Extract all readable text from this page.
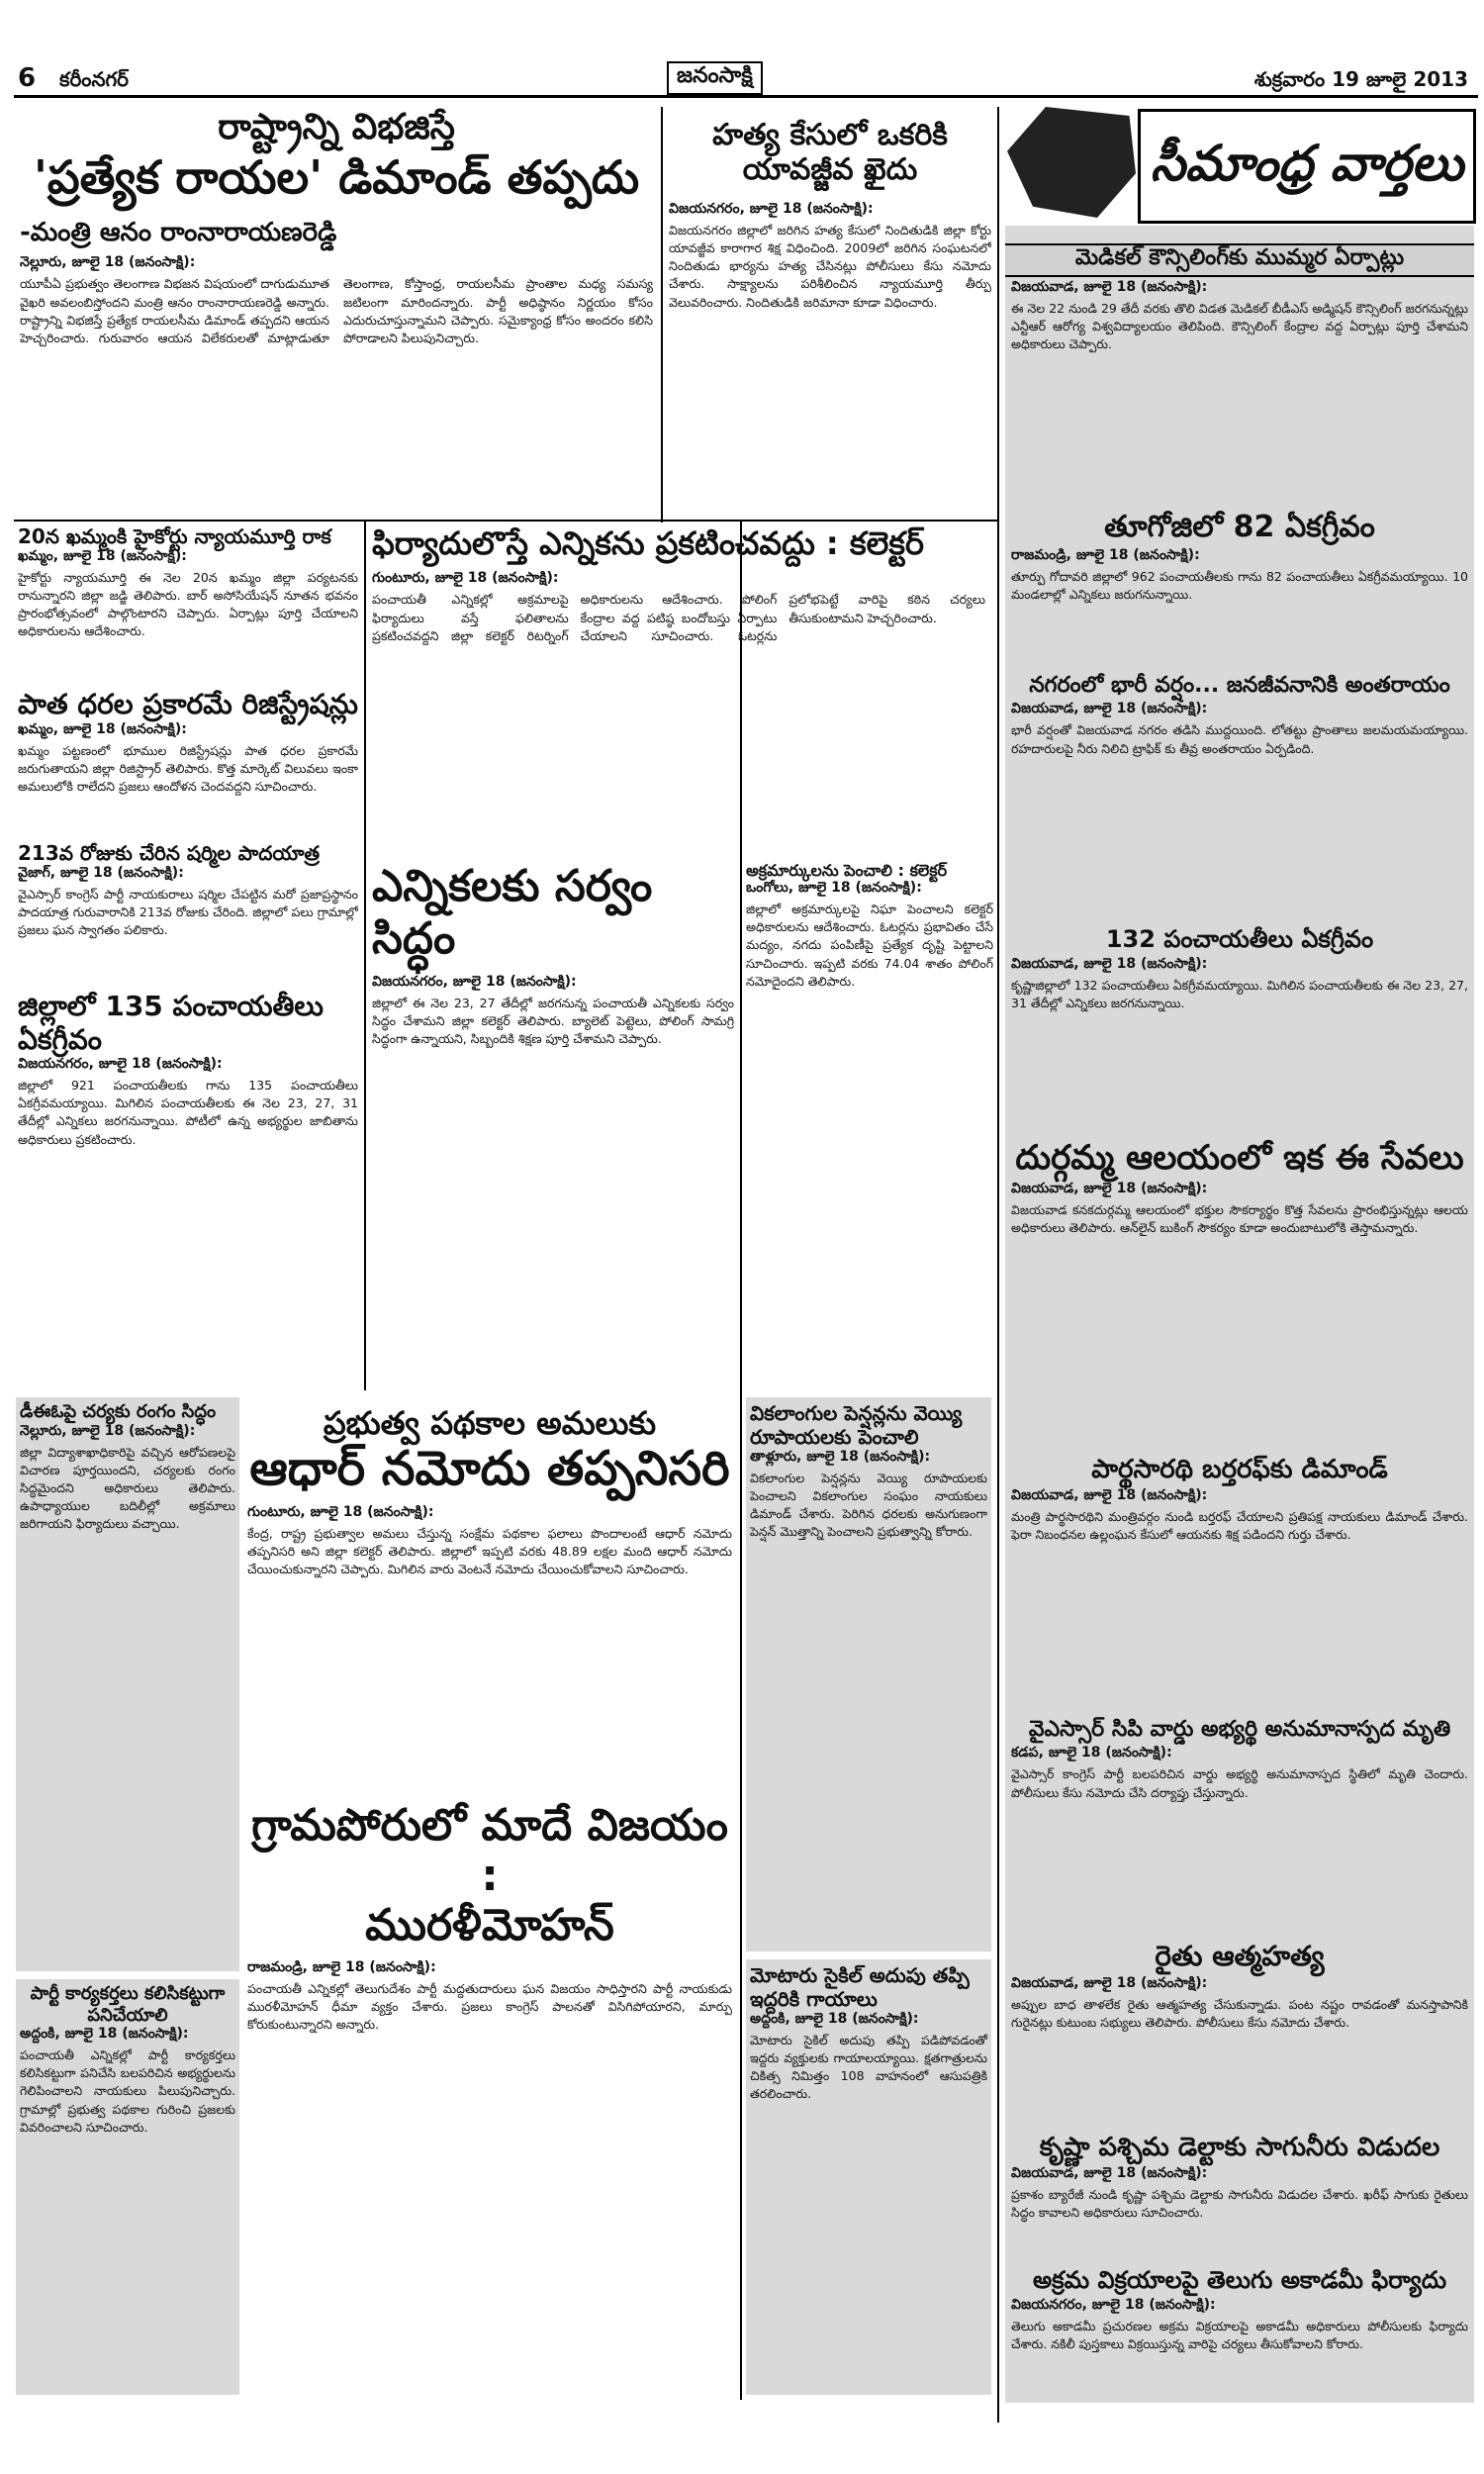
6 కరీంనగర్	జనంసాక్షి	శుక్రవారం 19 జూలై 2013
రాష్ట్రాన్ని విభజిస్తే
'ప్రత్యేక రాయల' డిమాండ్ తప్పదు
-మంత్రి ఆనం రాంనారాయణరెడ్డి
నెల్లూరు, జూలై 18 (జనంసాక్షి):
యూపీఏ ప్రభుత్వం తెలంగాణ విభజన విషయంలో దాగుడుమూత వైఖరి అవలంబిస్తోందని మంత్రి ఆనం రాంనారాయణరెడ్డి అన్నారు. రాష్ట్రాన్ని విభజిస్తే ప్రత్యేక రాయలసీమ డిమాండ్ తప్పదని ఆయన హెచ్చరించారు. గురువారం ఆయన విలేకరులతో మాట్లాడుతూ తెలంగాణ, కోస్తాంధ్ర, రాయలసీమ ప్రాంతాల మధ్య సమస్య జటిలంగా మారిందన్నారు. పార్టీ అధిష్ఠానం నిర్ణయం కోసం ఎదురుచూస్తున్నామని చెప్పారు. సమైక్యాంధ్ర కోసం అందరం కలిసి పోరాడాలని పిలుపునిచ్చారు.
హత్య కేసులో ఒకరికి యావజ్జీవ ఖైదు
విజయనగరం, జూలై 18 (జనంసాక్షి):
విజయనగరం జిల్లాలో జరిగిన హత్య కేసులో నిందితుడికి జిల్లా కోర్టు యావజ్జీవ కారాగార శిక్ష విధించింది. 2009లో జరిగిన సంఘటనలో నిందితుడు భార్యను హత్య చేసినట్లు పోలీసులు కేసు నమోదు చేశారు. సాక్ష్యాలను పరిశీలించిన న్యాయమూర్తి తీర్పు వెలువరించారు. నిందితుడికి జరిమానా కూడా విధించారు.
20న ఖమ్మంకి హైకోర్టు న్యాయమూర్తి రాక
ఖమ్మం, జూలై 18 (జనంసాక్షి):
హైకోర్టు న్యాయమూర్తి ఈ నెల 20న ఖమ్మం జిల్లా పర్యటనకు రానున్నారని జిల్లా జడ్జి తెలిపారు. బార్ అసోసియేషన్ నూతన భవనం ప్రారంభోత్సవంలో పాల్గొంటారని చెప్పారు. ఏర్పాట్లు పూర్తి చేయాలని అధికారులను ఆదేశించారు.
పాత ధరల ప్రకారమే రిజిస్ట్రేషన్లు
ఖమ్మం, జూలై 18 (జనంసాక్షి):
ఖమ్మం పట్టణంలో భూముల రిజిస్ట్రేషన్లు పాత ధరల ప్రకారమే జరుగుతాయని జిల్లా రిజిస్ట్రార్ తెలిపారు. కొత్త మార్కెట్ విలువలు ఇంకా అమలులోకి రాలేదని ప్రజలు ఆందోళన చెందవద్దని సూచించారు.
213వ రోజుకు చేరిన షర్మిల పాదయాత్ర
వైజాగ్, జూలై 18 (జనంసాక్షి):
వైఎస్సార్ కాంగ్రెస్ పార్టీ నాయకురాలు షర్మిల చేపట్టిన మరో ప్రజాప్రస్థానం పాదయాత్ర గురువారానికి 213వ రోజుకు చేరింది. జిల్లాలో పలు గ్రామాల్లో ప్రజలు ఘన స్వాగతం పలికారు.
జిల్లాలో 135 పంచాయతీలు ఏకగ్రీవం
విజయనగరం, జూలై 18 (జనంసాక్షి):
జిల్లాలో 921 పంచాయతీలకు గాను 135 పంచాయతీలు ఏకగ్రీవమయ్యాయి. మిగిలిన పంచాయతీలకు ఈ నెల 23, 27, 31 తేదీల్లో ఎన్నికలు జరగనున్నాయి. పోటీలో ఉన్న అభ్యర్థుల జాబితాను అధికారులు ప్రకటించారు.
డీఈఓపై చర్యకు రంగం సిద్ధం
నెల్లూరు, జూలై 18 (జనంసాక్షి):
జిల్లా విద్యాశాఖాధికారిపై వచ్చిన ఆరోపణలపై విచారణ పూర్తయిందని, చర్యలకు రంగం సిద్ధమైందని అధికారులు తెలిపారు. ఉపాధ్యాయుల బదిలీల్లో అక్రమాలు జరిగాయని ఫిర్యాదులు వచ్చాయి.
పార్టీ కార్యకర్తలు కలిసికట్టుగా పనిచేయాలి
అద్దంకి, జూలై 18 (జనంసాక్షి):
పంచాయతీ ఎన్నికల్లో పార్టీ కార్యకర్తలు కలిసికట్టుగా పనిచేసి బలపరిచిన అభ్యర్థులను గెలిపించాలని నాయకులు పిలుపునిచ్చారు. గ్రామాల్లో ప్రభుత్వ పథకాల గురించి ప్రజలకు వివరించాలని సూచించారు.
ఫిర్యాదులొస్తే ఎన్నికను ప్రకటించవద్దు : కలెక్టర్
గుంటూరు, జూలై 18 (జనంసాక్షి):
పంచాయతీ ఎన్నికల్లో అక్రమాలపై ఫిర్యాదులు వస్తే ఫలితాలను ప్రకటించవద్దని జిల్లా కలెక్టర్ రిటర్నింగ్ అధికారులను ఆదేశించారు. పోలింగ్ కేంద్రాల వద్ద పటిష్ఠ బందోబస్తు ఏర్పాటు చేయాలని సూచించారు. ఓటర్లను ప్రలోభపెట్టే వారిపై కఠిన చర్యలు తీసుకుంటామని హెచ్చరించారు.
ఎన్నికలకు సర్వం సిద్ధం
విజయనగరం, జూలై 18 (జనంసాక్షి):
జిల్లాలో ఈ నెల 23, 27 తేదీల్లో జరగనున్న పంచాయతీ ఎన్నికలకు సర్వం సిద్ధం చేశామని జిల్లా కలెక్టర్ తెలిపారు. బ్యాలెట్ పెట్టెలు, పోలింగ్ సామగ్రి సిద్ధంగా ఉన్నాయని, సిబ్బందికి శిక్షణ పూర్తి చేశామని చెప్పారు.
అక్రమార్కులను పెంచాలి : కలెక్టర్
ఒంగోలు, జూలై 18 (జనంసాక్షి):
జిల్లాలో అక్రమార్కులపై నిఘా పెంచాలని కలెక్టర్ అధికారులను ఆదేశించారు. ఓటర్లను ప్రభావితం చేసే మద్యం, నగదు పంపిణీపై ప్రత్యేక దృష్టి పెట్టాలని సూచించారు. ఇప్పటి వరకు 74.04 శాతం పోలింగ్ నమోదైందని తెలిపారు.
ప్రభుత్వ పథకాల అమలుకు
ఆధార్ నమోదు తప్పనిసరి
గుంటూరు, జూలై 18 (జనంసాక్షి):
కేంద్ర, రాష్ట్ర ప్రభుత్వాల అమలు చేస్తున్న సంక్షేమ పథకాల ఫలాలు పొందాలంటే ఆధార్ నమోదు తప్పనిసరి అని జిల్లా కలెక్టర్ తెలిపారు. జిల్లాలో ఇప్పటి వరకు 48.89 లక్షల మంది ఆధార్ నమోదు చేయించుకున్నారని చెప్పారు. మిగిలిన వారు వెంటనే నమోదు చేయించుకోవాలని సూచించారు.
గ్రామపోరులో మాదే విజయం :
మురళీమోహన్
రాజమండ్రి, జూలై 18 (జనంసాక్షి):
పంచాయతీ ఎన్నికల్లో తెలుగుదేశం పార్టీ మద్దతుదారులు ఘన విజయం సాధిస్తారని పార్టీ నాయకుడు మురళీమోహన్ ధీమా వ్యక్తం చేశారు. ప్రజలు కాంగ్రెస్ పాలనతో విసిగిపోయారని, మార్పు కోరుకుంటున్నారని అన్నారు.
వికలాంగుల పెన్షన్లను వెయ్యి రూపాయలకు పెంచాలి
తాళ్లూరు, జూలై 18 (జనంసాక్షి):
వికలాంగుల పెన్షన్లను వెయ్యి రూపాయలకు పెంచాలని వికలాంగుల సంఘం నాయకులు డిమాండ్ చేశారు. పెరిగిన ధరలకు అనుగుణంగా పెన్షన్ మొత్తాన్ని పెంచాలని ప్రభుత్వాన్ని కోరారు.
మోటారు సైకిల్ అదుపు తప్పి ఇద్దరికి గాయాలు
అద్దంకి, జూలై 18 (జనంసాక్షి):
మోటారు సైకిల్ అదుపు తప్పి పడిపోవడంతో ఇద్దరు వ్యక్తులకు గాయాలయ్యాయి. క్షతగాత్రులను చికిత్స నిమిత్తం 108 వాహనంలో ఆసుపత్రికి తరలించారు.
సీమాంధ్ర వార్తలు
మెడికల్ కౌన్సిలింగ్‌కు ముమ్మర ఏర్పాట్లు
విజయవాడ, జూలై 18 (జనంసాక్షి):
ఈ నెల 22 నుండి 29 తేదీ వరకు తొలి విడత మెడికల్ బీడీఎస్ అడ్మిషన్ కౌన్సిలింగ్ జరగనున్నట్లు ఎన్టీఆర్ ఆరోగ్య విశ్వవిద్యాలయం తెలిపింది. కౌన్సిలింగ్ కేంద్రాల వద్ద ఏర్పాట్లు పూర్తి చేశామని అధికారులు చెప్పారు.
తూగోజిలో 82 ఏకగ్రీవం
రాజమండ్రి, జూలై 18 (జనంసాక్షి):
తూర్పు గోదావరి జిల్లాలో 962 పంచాయతీలకు గాను 82 పంచాయతీలు ఏకగ్రీవమయ్యాయి. 10 మండలాల్లో ఎన్నికలు జరుగనున్నాయి.
నగరంలో భారీ వర్షం... జనజీవనానికి అంతరాయం
విజయవాడ, జూలై 18 (జనంసాక్షి):
భారీ వర్షంతో విజయవాడ నగరం తడిసి ముద్దయింది. లోతట్టు ప్రాంతాలు జలమయమయ్యాయి. రహదారులపై నీరు నిలిచి ట్రాఫిక్ కు తీవ్ర అంతరాయం ఏర్పడింది.
132 పంచాయతీలు ఏకగ్రీవం
విజయవాడ, జూలై 18 (జనంసాక్షి):
కృష్ణాజిల్లాలో 132 పంచాయతీలు ఏకగ్రీవమయ్యాయి. మిగిలిన పంచాయతీలకు ఈ నెల 23, 27, 31 తేదీల్లో ఎన్నికలు జరగనున్నాయి.
దుర్గమ్మ ఆలయంలో ఇక ఈ సేవలు
విజయవాడ, జూలై 18 (జనంసాక్షి):
విజయవాడ కనకదుర్గమ్మ ఆలయంలో భక్తుల సౌకర్యార్థం కొత్త సేవలను ప్రారంభిస్తున్నట్లు ఆలయ అధికారులు తెలిపారు. ఆన్‌లైన్ బుకింగ్ సౌకర్యం కూడా అందుబాటులోకి తెస్తామన్నారు.
పార్థసారథి బర్తరఫ్‌కు డిమాండ్
విజయవాడ, జూలై 18 (జనంసాక్షి):
మంత్రి పార్థసారథిని మంత్రివర్గం నుండి బర్తరఫ్ చేయాలని ప్రతిపక్ష నాయకులు డిమాండ్ చేశారు. ఫెరా నిబంధనల ఉల్లంఘన కేసులో ఆయనకు శిక్ష పడిందని గుర్తు చేశారు.
వైఎస్సార్ సిపి వార్డు అభ్యర్థి అనుమానాస్పద మృతి
కడప, జూలై 18 (జనంసాక్షి):
వైఎస్సార్ కాంగ్రెస్ పార్టీ బలపరిచిన వార్డు అభ్యర్థి అనుమానాస్పద స్థితిలో మృతి చెందారు. పోలీసులు కేసు నమోదు చేసి దర్యాప్తు చేస్తున్నారు.
రైతు ఆత్మహత్య
విజయవాడ, జూలై 18 (జనంసాక్షి):
అప్పుల బాధ తాళలేక రైతు ఆత్మహత్య చేసుకున్నాడు. పంట నష్టం రావడంతో మనస్తాపానికి గురైనట్లు కుటుంబ సభ్యులు తెలిపారు. పోలీసులు కేసు నమోదు చేశారు.
కృష్ణా పశ్చిమ డెల్టాకు సాగునీరు విడుదల
విజయవాడ, జూలై 18 (జనంసాక్షి):
ప్రకాశం బ్యారేజీ నుండి కృష్ణా పశ్చిమ డెల్టాకు సాగునీరు విడుదల చేశారు. ఖరీఫ్ సాగుకు రైతులు సిద్ధం కావాలని అధికారులు సూచించారు.
అక్రమ విక్రయాలపై తెలుగు అకాడమీ ఫిర్యాదు
విజయనగరం, జూలై 18 (జనంసాక్షి):
తెలుగు అకాడమీ ప్రచురణల అక్రమ విక్రయాలపై అకాడమీ అధికారులు పోలీసులకు ఫిర్యాదు చేశారు. నకిలీ పుస్తకాలు విక్రయిస్తున్న వారిపై చర్యలు తీసుకోవాలని కోరారు.
